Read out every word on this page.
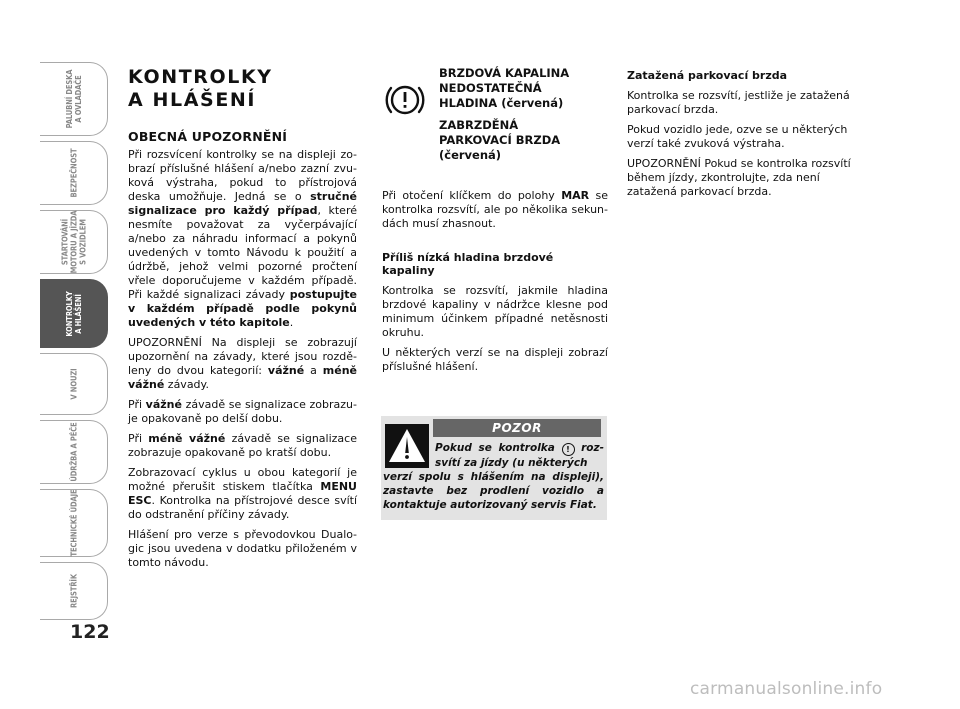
PALUBNÍ DESKA
A OVLADAČE
BEZPEČNOST
STARTOVÁNÍ
MOTORU A JÍZDA
S VOZIDLEM
KONTROLKY
A HLÁŠENÍ
V NOUZI
ÚDRŽBA A PÉČE
TECHNICKÉ ÚDAJE
REJSTŘÍK
122
KONTROLKY
A HLÁŠENÍ
OBECNÁ UPOZORNĚNÍ

Při rozsvícení kontrolky se na displeji zobrazí příslušné hlášení a/nebo zazní zvuková výstraha, pokud to přístrojová deska umožňuje. Jedná se o stručné signalizace pro každý případ, které nesmíte považovat za vyčerpávající a/nebo za náhradu informací a pokynů uvedených v tomto Návodu k použití a údržbě, jehož velmi pozorné pročtení vřele doporučujeme v každém případě. Při každé signalizaci závady postupujte v každém případě podle pokynů uvedených v této kapitole.

UPOZORNĚNÍ Na displeji se zobrazují upozornění na závady, které jsou rozděleny do dvou kategorií: vážné a méně vážné závady.

Při vážné závadě se signalizace zobrazuje opakovaně po delší dobu.

Při méně vážné závadě se signalizace zobrazuje opakovaně po kratší dobu.

Zobrazovací cyklus u obou kategorií je možné přerušit stiskem tlačítka MENU ESC. Kontrolka na přístrojové desce svítí do odstranění příčiny závady.

Hlášení pro verze s převodovkou Dualogic jsou uvedena v dodatku přiloženém v tomto návodu.

BRZDOVÁ KAPALINA
NEDOSTATEČNÁ
HLADINA (červená)
ZABRZDĚNÁ
PARKOVACÍ BRZDA
(červená)

Při otočení klíčkem do polohy MAR se kontrolka rozsvítí, ale po několika sekundách musí zhasnout.

Příliš nízká hladina brzdové kapaliny

Kontrolka se rozsvítí, jakmile hladina brzdové kapaliny v nádržce klesne pod minimum účinkem případné netěsnosti okruhu.

U některých verzí se na displeji zobrazí příslušné hlášení.

POZOR
Pokud se kontrolka ! rozsvítí za jízdy (u některých
verzí spolu s hlášením na displeji), zastavte bez prodlení vozidlo a kontaktuje autorizovaný servis Fiat.
Zatažená parkovací brzda

Kontrolka se rozsvítí, jestliže je zatažená parkovací brzda.

Pokud vozidlo jede, ozve se u některých verzí také zvuková výstraha.

UPOZORNĚNÍ Pokud se kontrolka rozsvítí během jízdy, zkontrolujte, zda není zatažená parkovací brzda.

carmanualsonline.info
